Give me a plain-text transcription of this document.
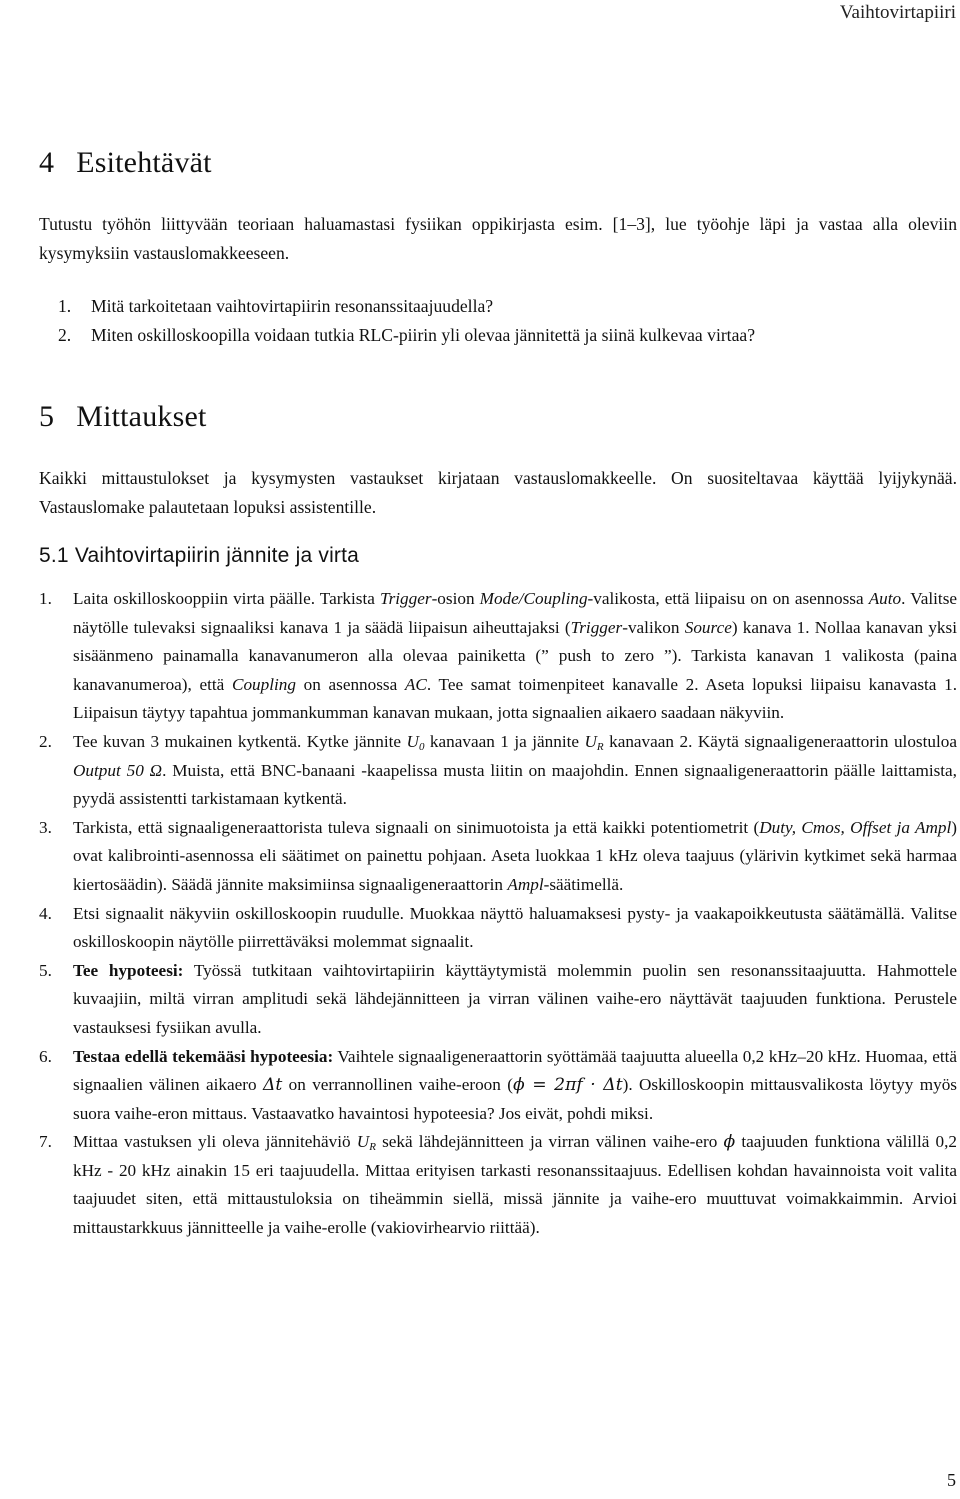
Vaihtovirtapiiri
4 Esitehtävät
Tutustu työhön liittyvään teoriaan haluamastasi fysiikan oppikirjasta esim. [1–3], lue työohje läpi ja vastaa alla oleviin kysymyksiin vastauslomakkeeseen.
1. Mitä tarkoitetaan vaihtovirtapiirin resonanssitaajuudella?
2. Miten oskilloskoopilla voidaan tutkia RLC-piirin yli olevaa jännitettä ja siinä kulkevaa virtaa?
5 Mittaukset
Kaikki mittaustulokset ja kysymysten vastaukset kirjataan vastauslomakkeelle. On suositeltavaa käyttää lyijykynää. Vastauslomake palautetaan lopuksi assistentille.
5.1 Vaihtovirtapiirin jännite ja virta
1. Laita oskilloskooppiin virta päälle. Tarkista Trigger-osion Mode/Coupling-valikosta, että liipaisu on on asennossa Auto. Valitse näytölle tulevaksi signaaliksi kanava 1 ja säädä liipaisun aiheuttajaksi (Trigger-valikon Source) kanava 1. Nollaa kanavan yksi sisäänmeno painamalla kanavanumeron alla olevaa painiketta (” push to zero ”). Tarkista kanavan 1 valikosta (paina kanavanumeroa), että Coupling on asennossa AC. Tee samat toimenpiteet kanavalle 2. Aseta lopuksi liipaisu kanavasta 1. Liipaisun täytyy tapahtua jommankumman kanavan mukaan, jotta signaalien aikaero saadaan näkyviin.
2. Tee kuvan 3 mukainen kytkentä. Kytke jännite $U_0$ kanavaan 1 ja jännite $U_R$ kanavaan 2. Käytä signaaligeneraattorin ulostuloa Output 50 Ω. Muista, että BNC-banaani -kaapelissa musta liitin on maajohdin. Ennen signaaligeneraattorin päälle laittamista, pyydä assistentti tarkistamaan kytkentä.
3. Tarkista, että signaaligeneraattorista tuleva signaali on sinimuotoista ja että kaikki potentiometrit (Duty, Cmos, Offset ja Ampl) ovat kalibrointi-asennossa eli säätimet on painettu pohjaan. Aseta luokkaa 1 kHz oleva taajuus (ylärivin kytkimet sekä harmaa kiertosäädin). Säädä jännite maksimiinsa signaaligeneraattorin Ampl-säätimellä.
4. Etsi signaalit näkyviin oskilloskoopin ruudulle. Muokkaa näyttö haluamaksesi pysty- ja vaakapoikkeutusta säätämällä. Valitse oskilloskoopin näytölle piirrettäväksi molemmat signaalit.
5. Tee hypoteesi: Työssä tutkitaan vaihtovirtapiirin käyttäytymistä molemmin puolin sen resonanssitaajuutta. Hahmottele kuvaajiin, miltä virran amplitudi sekä lähdejännitteen ja virran välinen vaihe-ero näyttävät taajuuden funktiona. Perustele vastauksesi fysiikan avulla.
6. Testaa edellä tekemääsi hypoteesia: Vaihtele signaaligeneraattorin syöttämää taajuutta alueella 0,2 kHz–20 kHz. Huomaa, että signaalien välinen aikaero Δt on verrannollinen vaihe-eroon (ϕ = 2πf · Δt). Oskilloskoopin mittausvalikosta löytyy myös suora vaihe-eron mittaus. Vastaavatko havaintosi hypoteesia? Jos eivät, pohdi miksi.
7. Mittaa vastuksen yli oleva jännitehäviö $U_R$ sekä lähdejännitteen ja virran välinen vaihe-ero ϕ taajuuden funktiona välillä 0,2 kHz - 20 kHz ainakin 15 eri taajuudella. Mittaa erityisen tarkasti resonanssitaajuus. Edellisen kohdan havainnoista voit valita taajuudet siten, että mittaustuloksia on tiheämmin siellä, missä jännite ja vaihe-ero muuttuvat voimakkaimmin. Arvioi mittaustarkkuus jännitteelle ja vaihe-erolle (vakiovirhearvio riittää).
5
